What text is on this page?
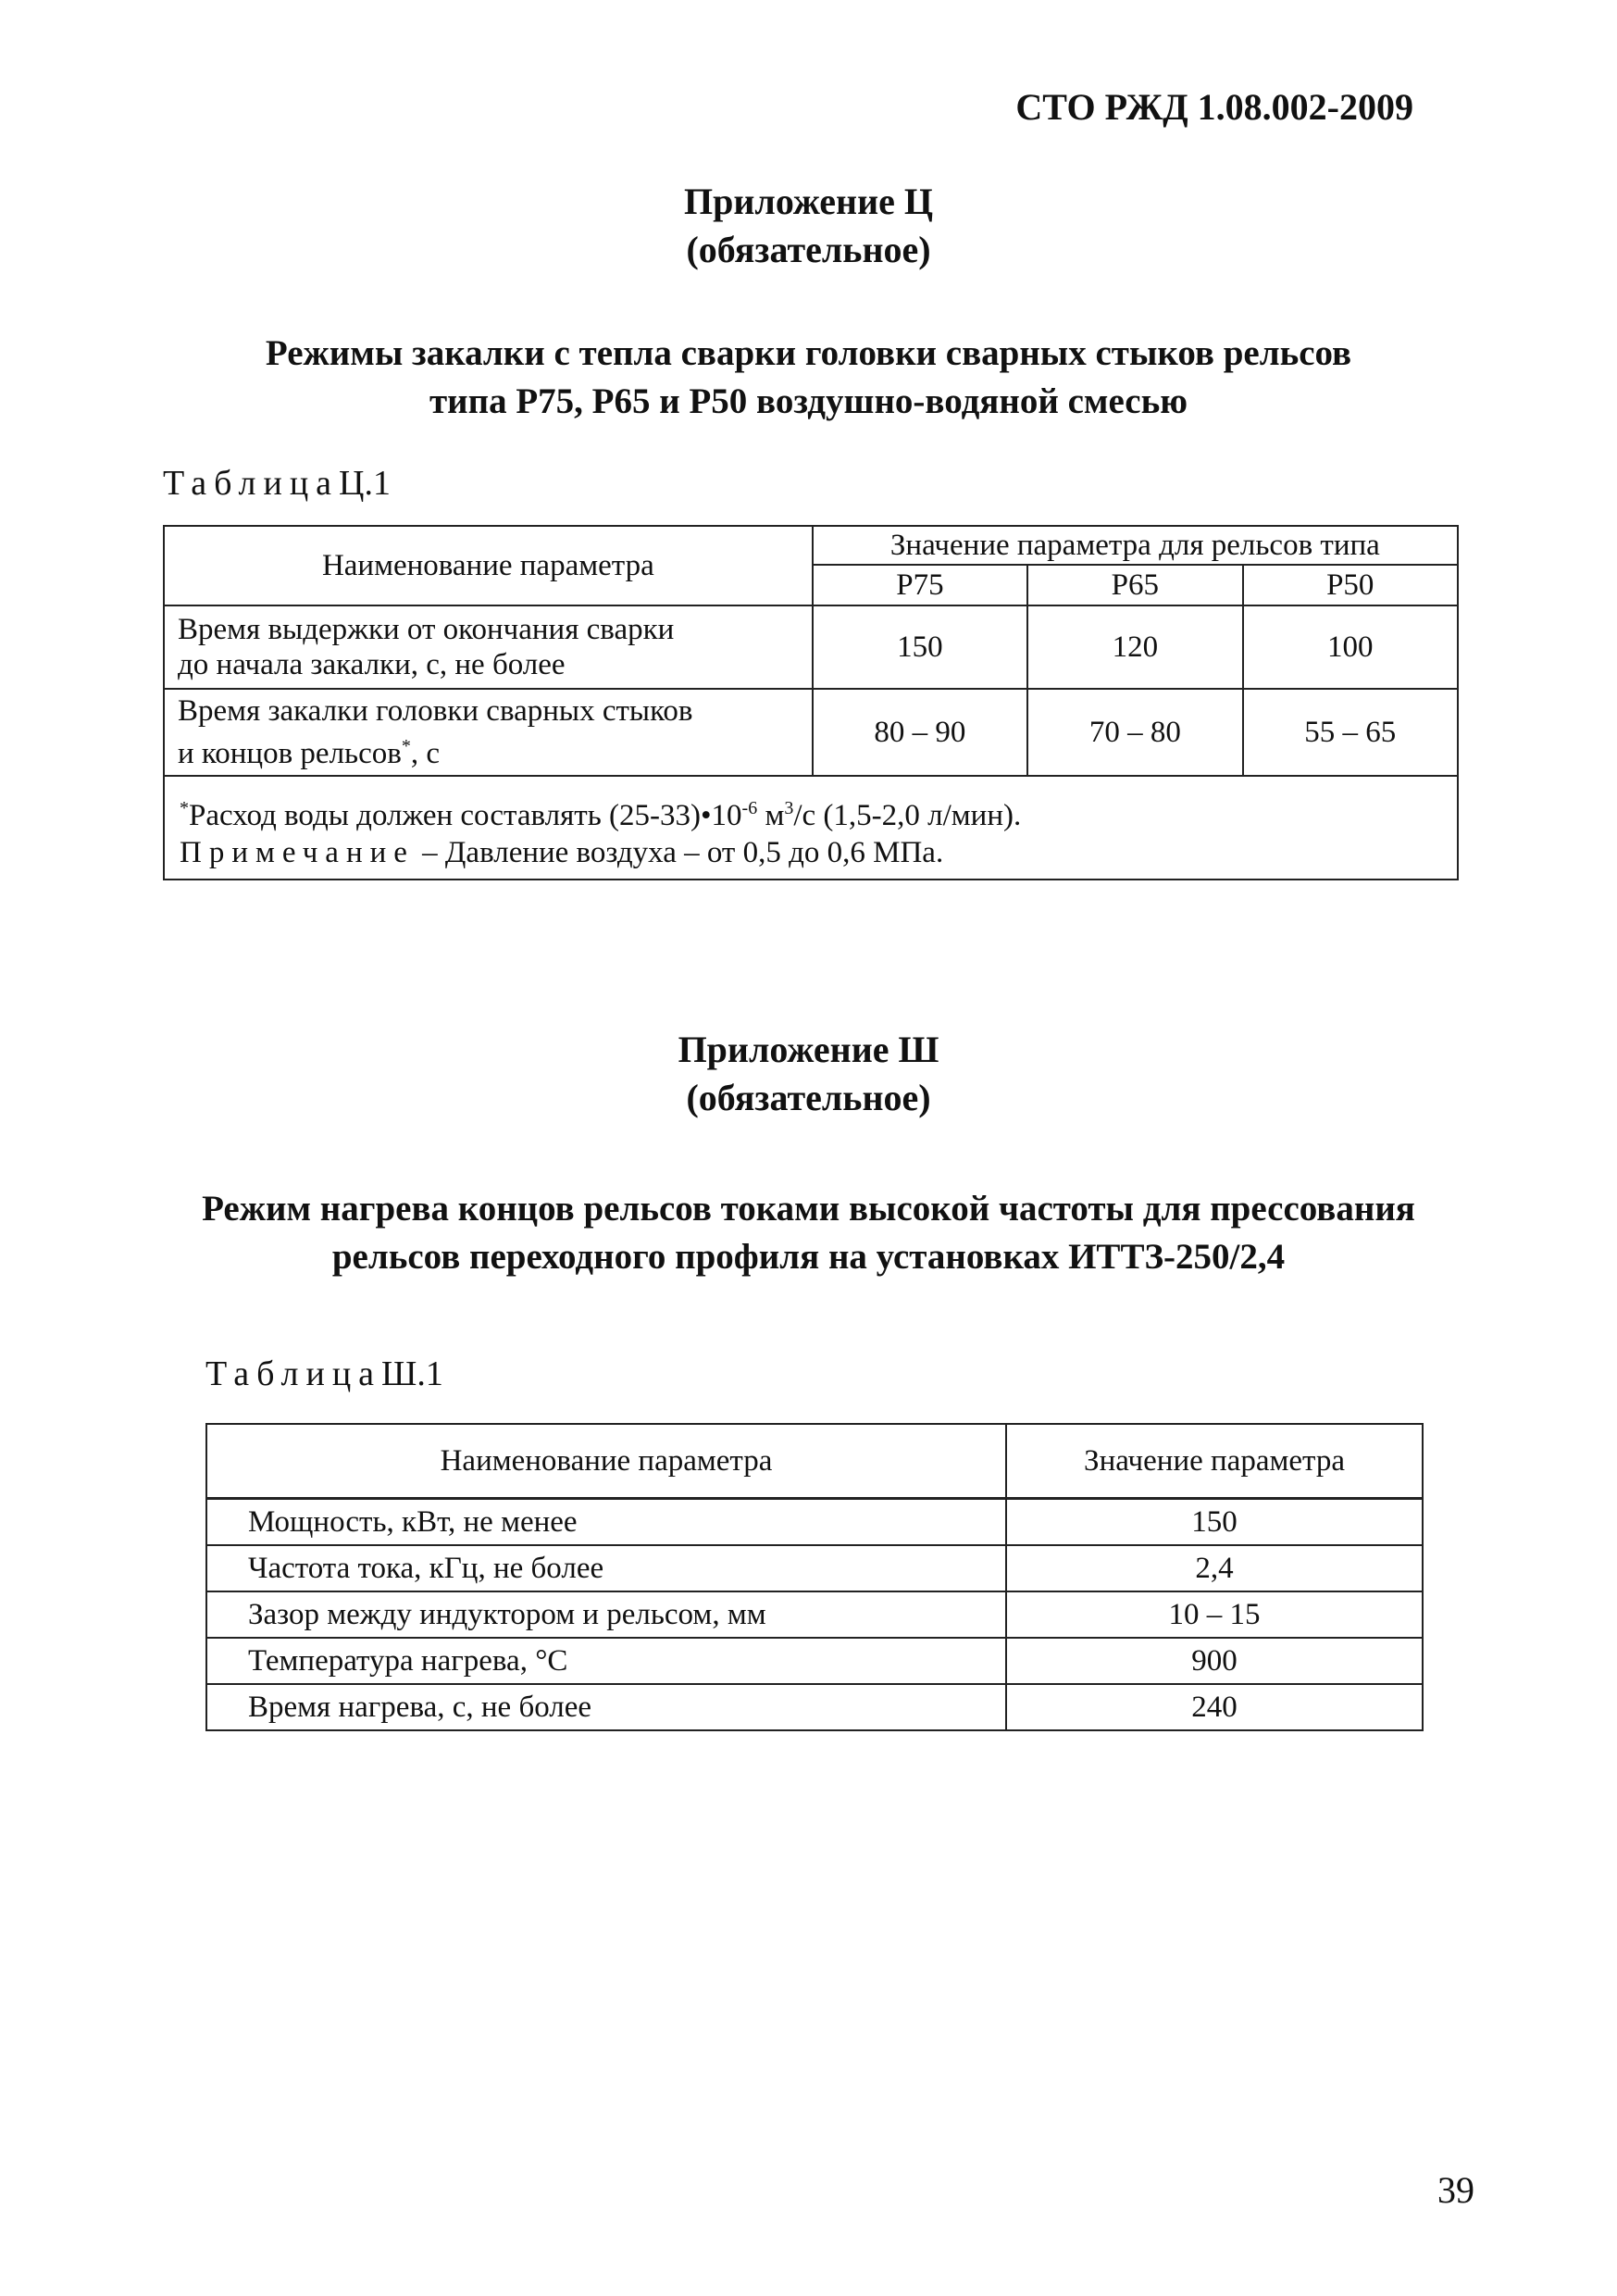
СТО РЖД 1.08.002-2009
Приложение Ц
(обязательное)
Режимы закалки с тепла сварки головки сварных стыков рельсов
типа Р75, Р65 и Р50 воздушно-водяной смесью
ТаблицаЦ.1
Наименование параметра	Значение параметра для рельсов типа		
	Р75	Р65	Р50

Время выдержки от окончания сварки
до начала закалки, с, не более	150	120	100

Время закалки головки сварных стыков
и концов рельсов*, с	80 – 90	70 – 80	55 – 65

*Расход воды должен составлять $(25-33)•10^{-6}$ $м^3/с$ (1,5-2,0 л/мин).
Примечание – Давление воздуха – от 0,5 до 0,6 МПа.			
Приложение Ш
(обязательное)
Режим нагрева концов рельсов токами высокой частоты для прессования
рельсов переходного профиля на установках ИТТЗ-250/2,4
ТаблицаШ.1
Наименование параметра	Значение параметра
Мощность, кВт, не менее	150
Частота тока, кГц, не более	2,4
Зазор между индуктором и рельсом, мм	10 – 15
Температура нагрева, °С	900
Время нагрева, с, не более	240
39
